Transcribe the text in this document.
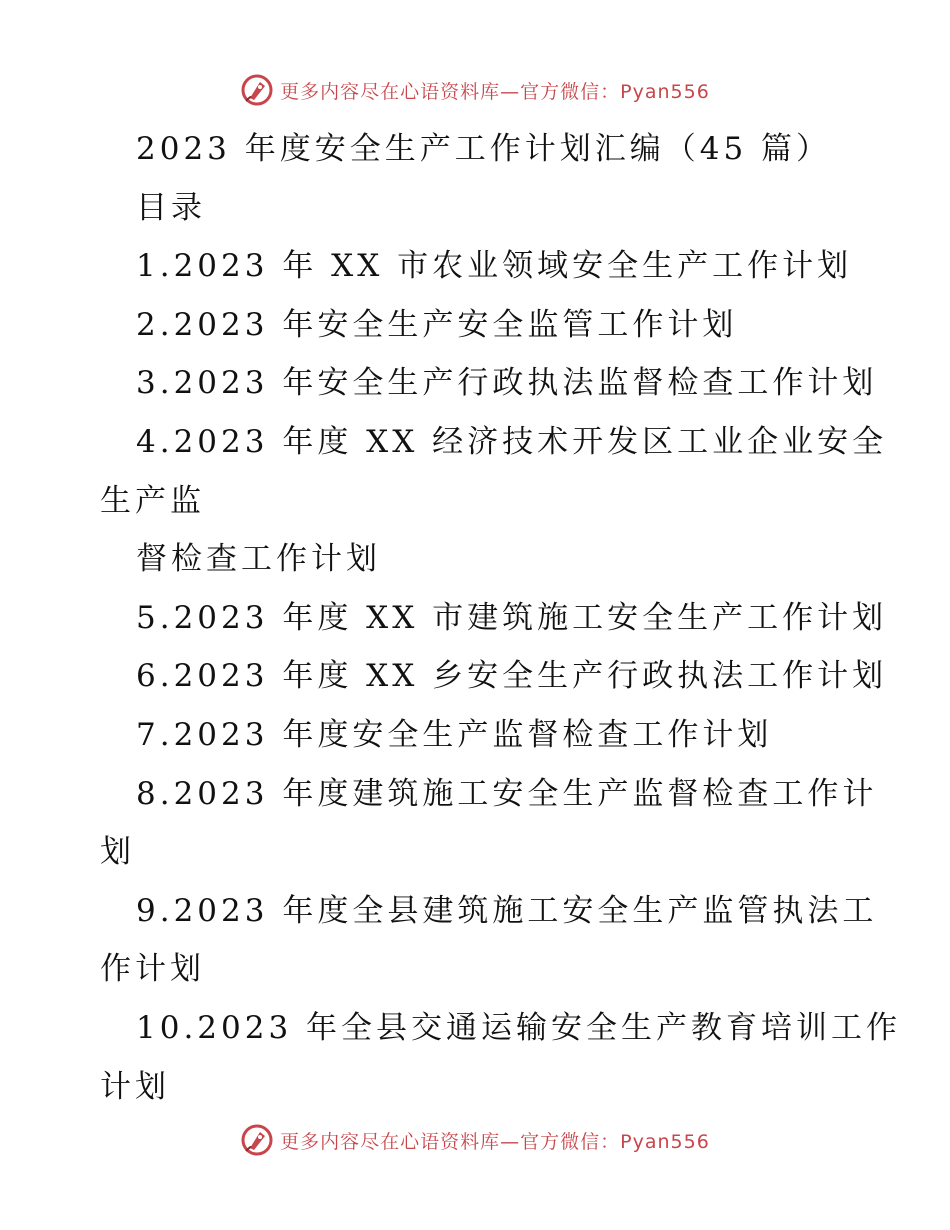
更多内容尽在心语资料库—官方微信：Pyan556
2023 年度安全生产工作计划汇编（45 篇）
目录
1.2023 年 XX 市农业领域安全生产工作计划
2.2023 年安全生产安全监管工作计划
3.2023 年安全生产行政执法监督检查工作计划
4.2023 年度 XX 经济技术开发区工业企业安全
生产监
督检查工作计划
5.2023 年度 XX 市建筑施工安全生产工作计划
6.2023 年度 XX 乡安全生产行政执法工作计划
7.2023 年度安全生产监督检查工作计划
8.2023 年度建筑施工安全生产监督检查工作计
划
9.2023 年度全县建筑施工安全生产监管执法工
作计划
10.2023 年全县交通运输安全生产教育培训工作
计划
更多内容尽在心语资料库—官方微信：Pyan556
